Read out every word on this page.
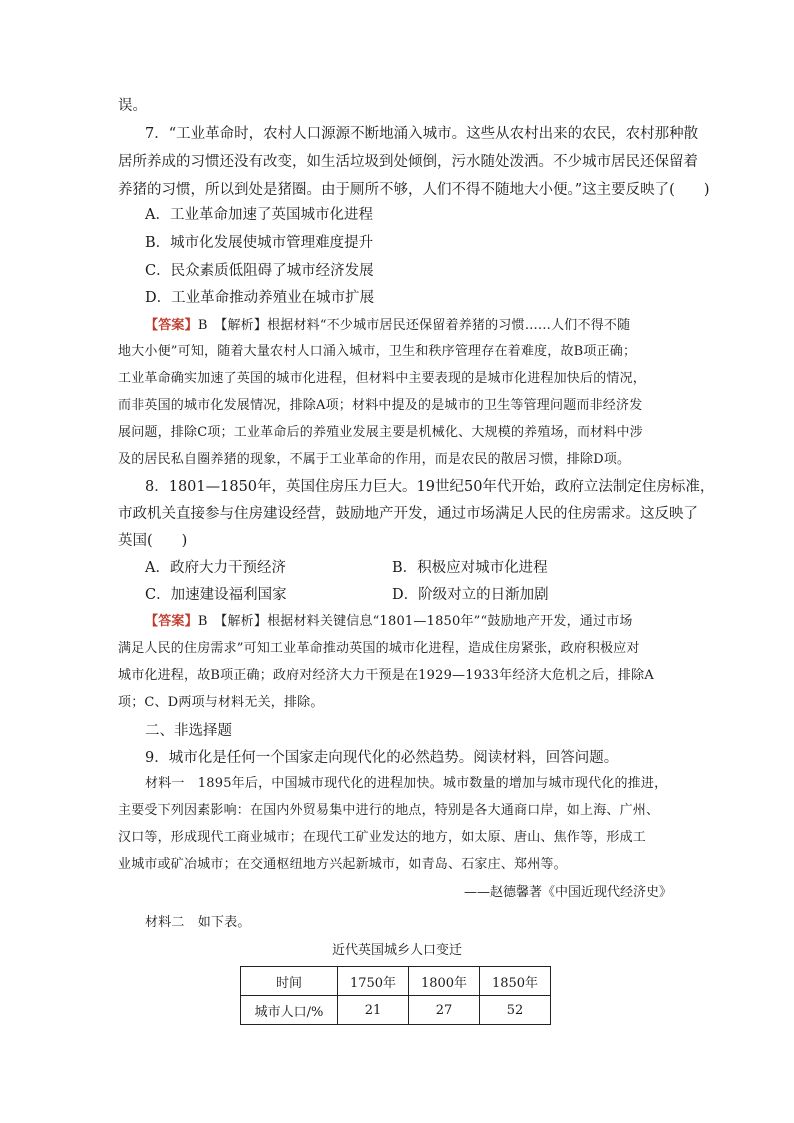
误。
7．“工业革命时，农村人口源源不断地涌入城市。这些从农村出来的农民，农村那种散
居所养成的习惯还没有改变，如生活垃圾到处倾倒，污水随处泼洒。不少城市居民还保留着
养猪的习惯，所以到处是猪圈。由于厕所不够，人们不得不随地大小便。”这主要反映了(　　)
A．工业革命加速了英国城市化进程
B．城市化发展使城市管理难度提升
C．民众素质低阻碍了城市经济发展
D．工业革命推动养殖业在城市扩展
【答案】B　【解析】根据材料“不少城市居民还保留着养猪的习惯……人们不得不随
地大小便”可知，随着大量农村人口涌入城市，卫生和秩序管理存在着难度，故B项正确；
工业革命确实加速了英国的城市化进程，但材料中主要表现的是城市化进程加快后的情况，
而非英国的城市化发展情况，排除A项；材料中提及的是城市的卫生等管理问题而非经济发
展问题，排除C项；工业革命后的养殖业发展主要是机械化、大规模的养殖场，而材料中涉
及的居民私自圈养猪的现象，不属于工业革命的作用，而是农民的散居习惯，排除D项。
8．1801—1850年，英国住房压力巨大。19世纪50年代开始，政府立法制定住房标准，
市政机关直接参与住房建设经营，鼓励地产开发，通过市场满足人民的住房需求。这反映了
英国(　　)
A．政府大力干预经济	B．积极应对城市化进程
C．加速建设福利国家	D．阶级对立的日渐加剧
【答案】B　【解析】根据材料关键信息“1801—1850年”“鼓励地产开发，通过市场
满足人民的住房需求”可知工业革命推动英国的城市化进程，造成住房紧张，政府积极应对
城市化进程，故B项正确；政府对经济大力干预是在1929—1933年经济大危机之后，排除A
项；C、D两项与材料无关，排除。
二、非选择题
9．城市化是任何一个国家走向现代化的必然趋势。阅读材料，回答问题。
材料一　1895年后，中国城市现代化的进程加快。城市数量的增加与城市现代化的推进，
主要受下列因素影响：在国内外贸易集中进行的地点，特别是各大通商口岸，如上海、广州、
汉口等，形成现代工商业城市；在现代工矿业发达的地方，如太原、唐山、焦作等，形成工
业城市或矿冶城市；在交通枢纽地方兴起新城市，如青岛、石家庄、郑州等。
——赵德馨著《中国近现代经济史》
材料二　如下表。
近代英国城乡人口变迁
时间	1750年	1800年	1850年
城市人口/%	21	27	52
